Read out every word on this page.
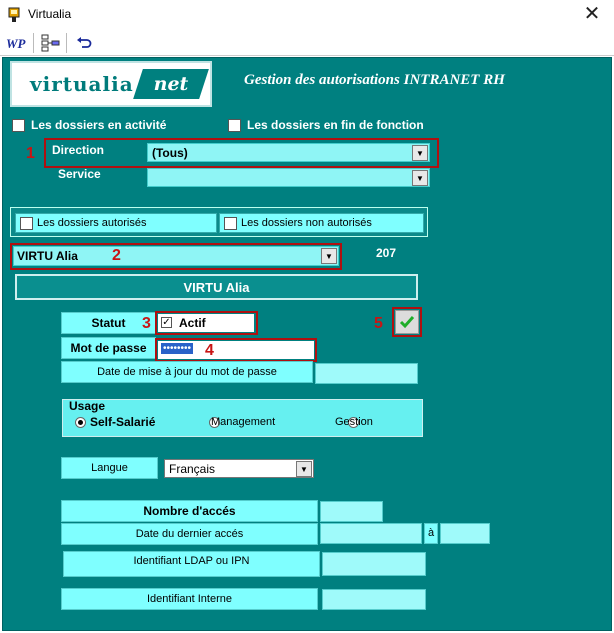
Virtualia	✕
WP
virtualia	net	Gestion des autorisations INTRANET RH
Les dossiers en activité	Les dossiers en fin de fonction
1 Direction	(Tous)	▼
Service	▼
Les dossiers autorisés	Les dossiers non autorisés
VIRTU Alia	▼
2	207
VIRTU Alia
Statut	3 ✓ Actif	5
Mot de passe	•••••••• 4
Date de mise à jour du mot de passe
Usage

Self-Salarié
	Management	Gestion
Langue	Français	▼
Nombre d'accés
Date du dernier accés	à
Identifiant LDAP ou IPN
Identifiant Interne
